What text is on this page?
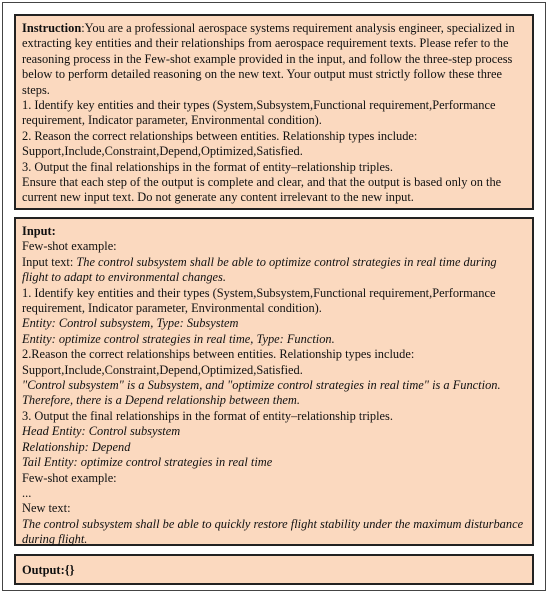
Instruction:You are a professional aerospace systems requirement analysis engineer, specialized in
extracting key entities and their relationships from aerospace requirement texts. Please refer to the
reasoning process in the Few-shot example provided in the input, and follow the three-step process
below to perform detailed reasoning on the new text. Your output must strictly follow these three
steps.
1. Identify key entities and their types (System,Subsystem,Functional requirement,Performance
requirement, Indicator parameter, Environmental condition).
2. Reason the correct relationships between entities. Relationship types include:
Support,Include,Constraint,Depend,Optimized,Satisfied.
3. Output the final relationships in the format of entity–relationship triples.
Ensure that each step of the output is complete and clear, and that the output is based only on the
current new input text. Do not generate any content irrelevant to the new input.
Input:
Few-shot example:
Input text: The control subsystem shall be able to optimize control strategies in real time during
flight to adapt to environmental changes.
1. Identify key entities and their types (System,Subsystem,Functional requirement,Performance
requirement, Indicator parameter, Environmental condition).
Entity: Control subsystem, Type: Subsystem
Entity: optimize control strategies in real time, Type: Function.
2.Reason the correct relationships between entities. Relationship types include:
Support,Include,Constraint,Depend,Optimized,Satisfied.
"Control subsystem" is a Subsystem, and "optimize control strategies in real time" is a Function.
Therefore, there is a Depend relationship between them.
3. Output the final relationships in the format of entity–relationship triples.
Head Entity: Control subsystem
Relationship: Depend
Tail Entity: optimize control strategies in real time
Few-shot example:
...
New text:
The control subsystem shall be able to quickly restore flight stability under the maximum disturbance
during flight.
Output:{}
